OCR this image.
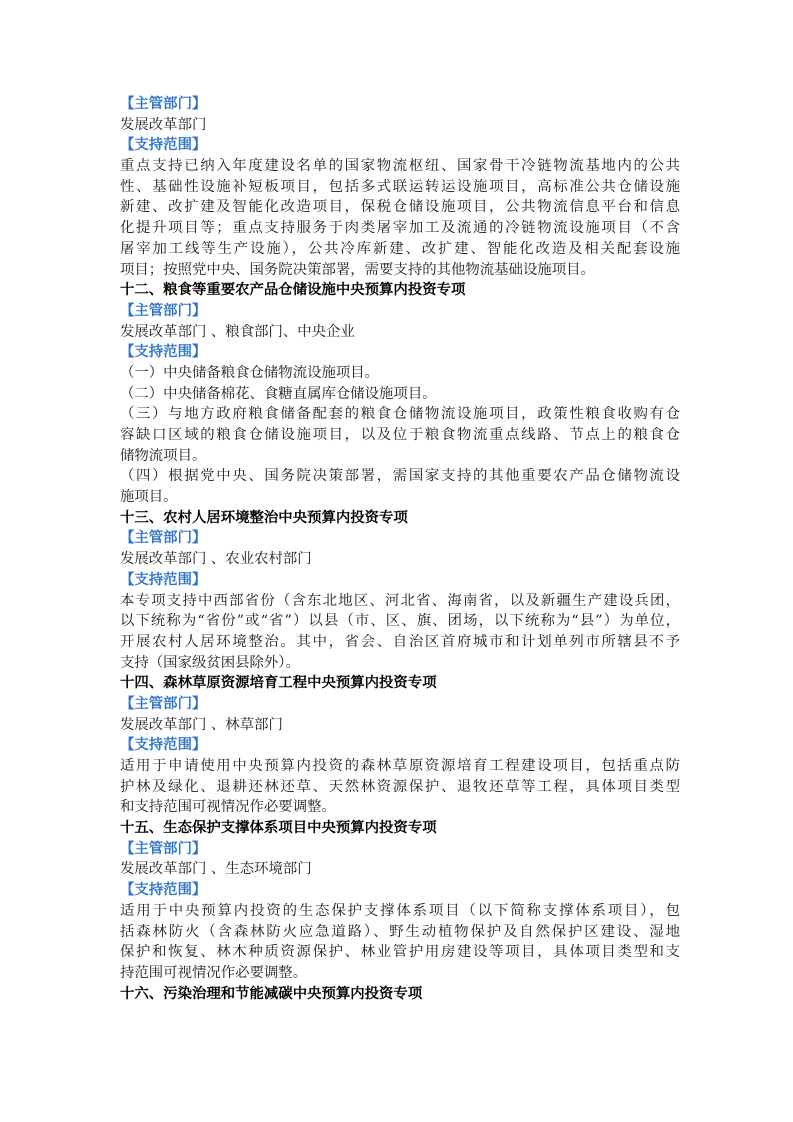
【主管部门】
发展改革部门
【支持范围】
重点支持已纳入年度建设名单的国家物流枢纽、国家骨干冷链物流基地内的公共
性、基础性设施补短板项目，包括多式联运转运设施项目，高标准公共仓储设施
新建、改扩建及智能化改造项目，保税仓储设施项目，公共物流信息平台和信息
化提升项目等；重点支持服务于肉类屠宰加工及流通的冷链物流设施项目（不含
屠宰加工线等生产设施），公共冷库新建、改扩建、智能化改造及相关配套设施
项目；按照党中央、国务院决策部署，需要支持的其他物流基础设施项目。
十二、粮食等重要农产品仓储设施中央预算内投资专项
【主管部门】
发展改革部门 、粮食部门、中央企业
【支持范围】
（一）中央储备粮食仓储物流设施项目。
（二）中央储备棉花、食糖直属库仓储设施项目。
（三）与地方政府粮食储备配套的粮食仓储物流设施项目，政策性粮食收购有仓
容缺口区域的粮食仓储设施项目，以及位于粮食物流重点线路、节点上的粮食仓
储物流项目。
（四）根据党中央、国务院决策部署，需国家支持的其他重要农产品仓储物流设
施项目。
十三、农村人居环境整治中央预算内投资专项
【主管部门】
发展改革部门 、农业农村部门
【支持范围】
本专项支持中西部省份（含东北地区、河北省、海南省，以及新疆生产建设兵团，
以下统称为“省份”或“省”）以县（市、区、旗、团场，以下统称为“县”）为单位，
开展农村人居环境整治。其中，省会、自治区首府城市和计划单列市所辖县不予
支持（国家级贫困县除外）。
十四、森林草原资源培育工程中央预算内投资专项
【主管部门】
发展改革部门 、林草部门
【支持范围】
适用于申请使用中央预算内投资的森林草原资源培育工程建设项目，包括重点防
护林及绿化、退耕还林还草、天然林资源保护、退牧还草等工程，具体项目类型
和支持范围可视情况作必要调整。
十五、生态保护支撑体系项目中央预算内投资专项
【主管部门】
发展改革部门 、生态环境部门
【支持范围】
适用于中央预算内投资的生态保护支撑体系项目（以下简称支撑体系项目），包
括森林防火（含森林防火应急道路）、野生动植物保护及自然保护区建设、湿地
保护和恢复、林木种质资源保护、林业管护用房建设等项目，具体项目类型和支
持范围可视情况作必要调整。
十六、污染治理和节能减碳中央预算内投资专项
